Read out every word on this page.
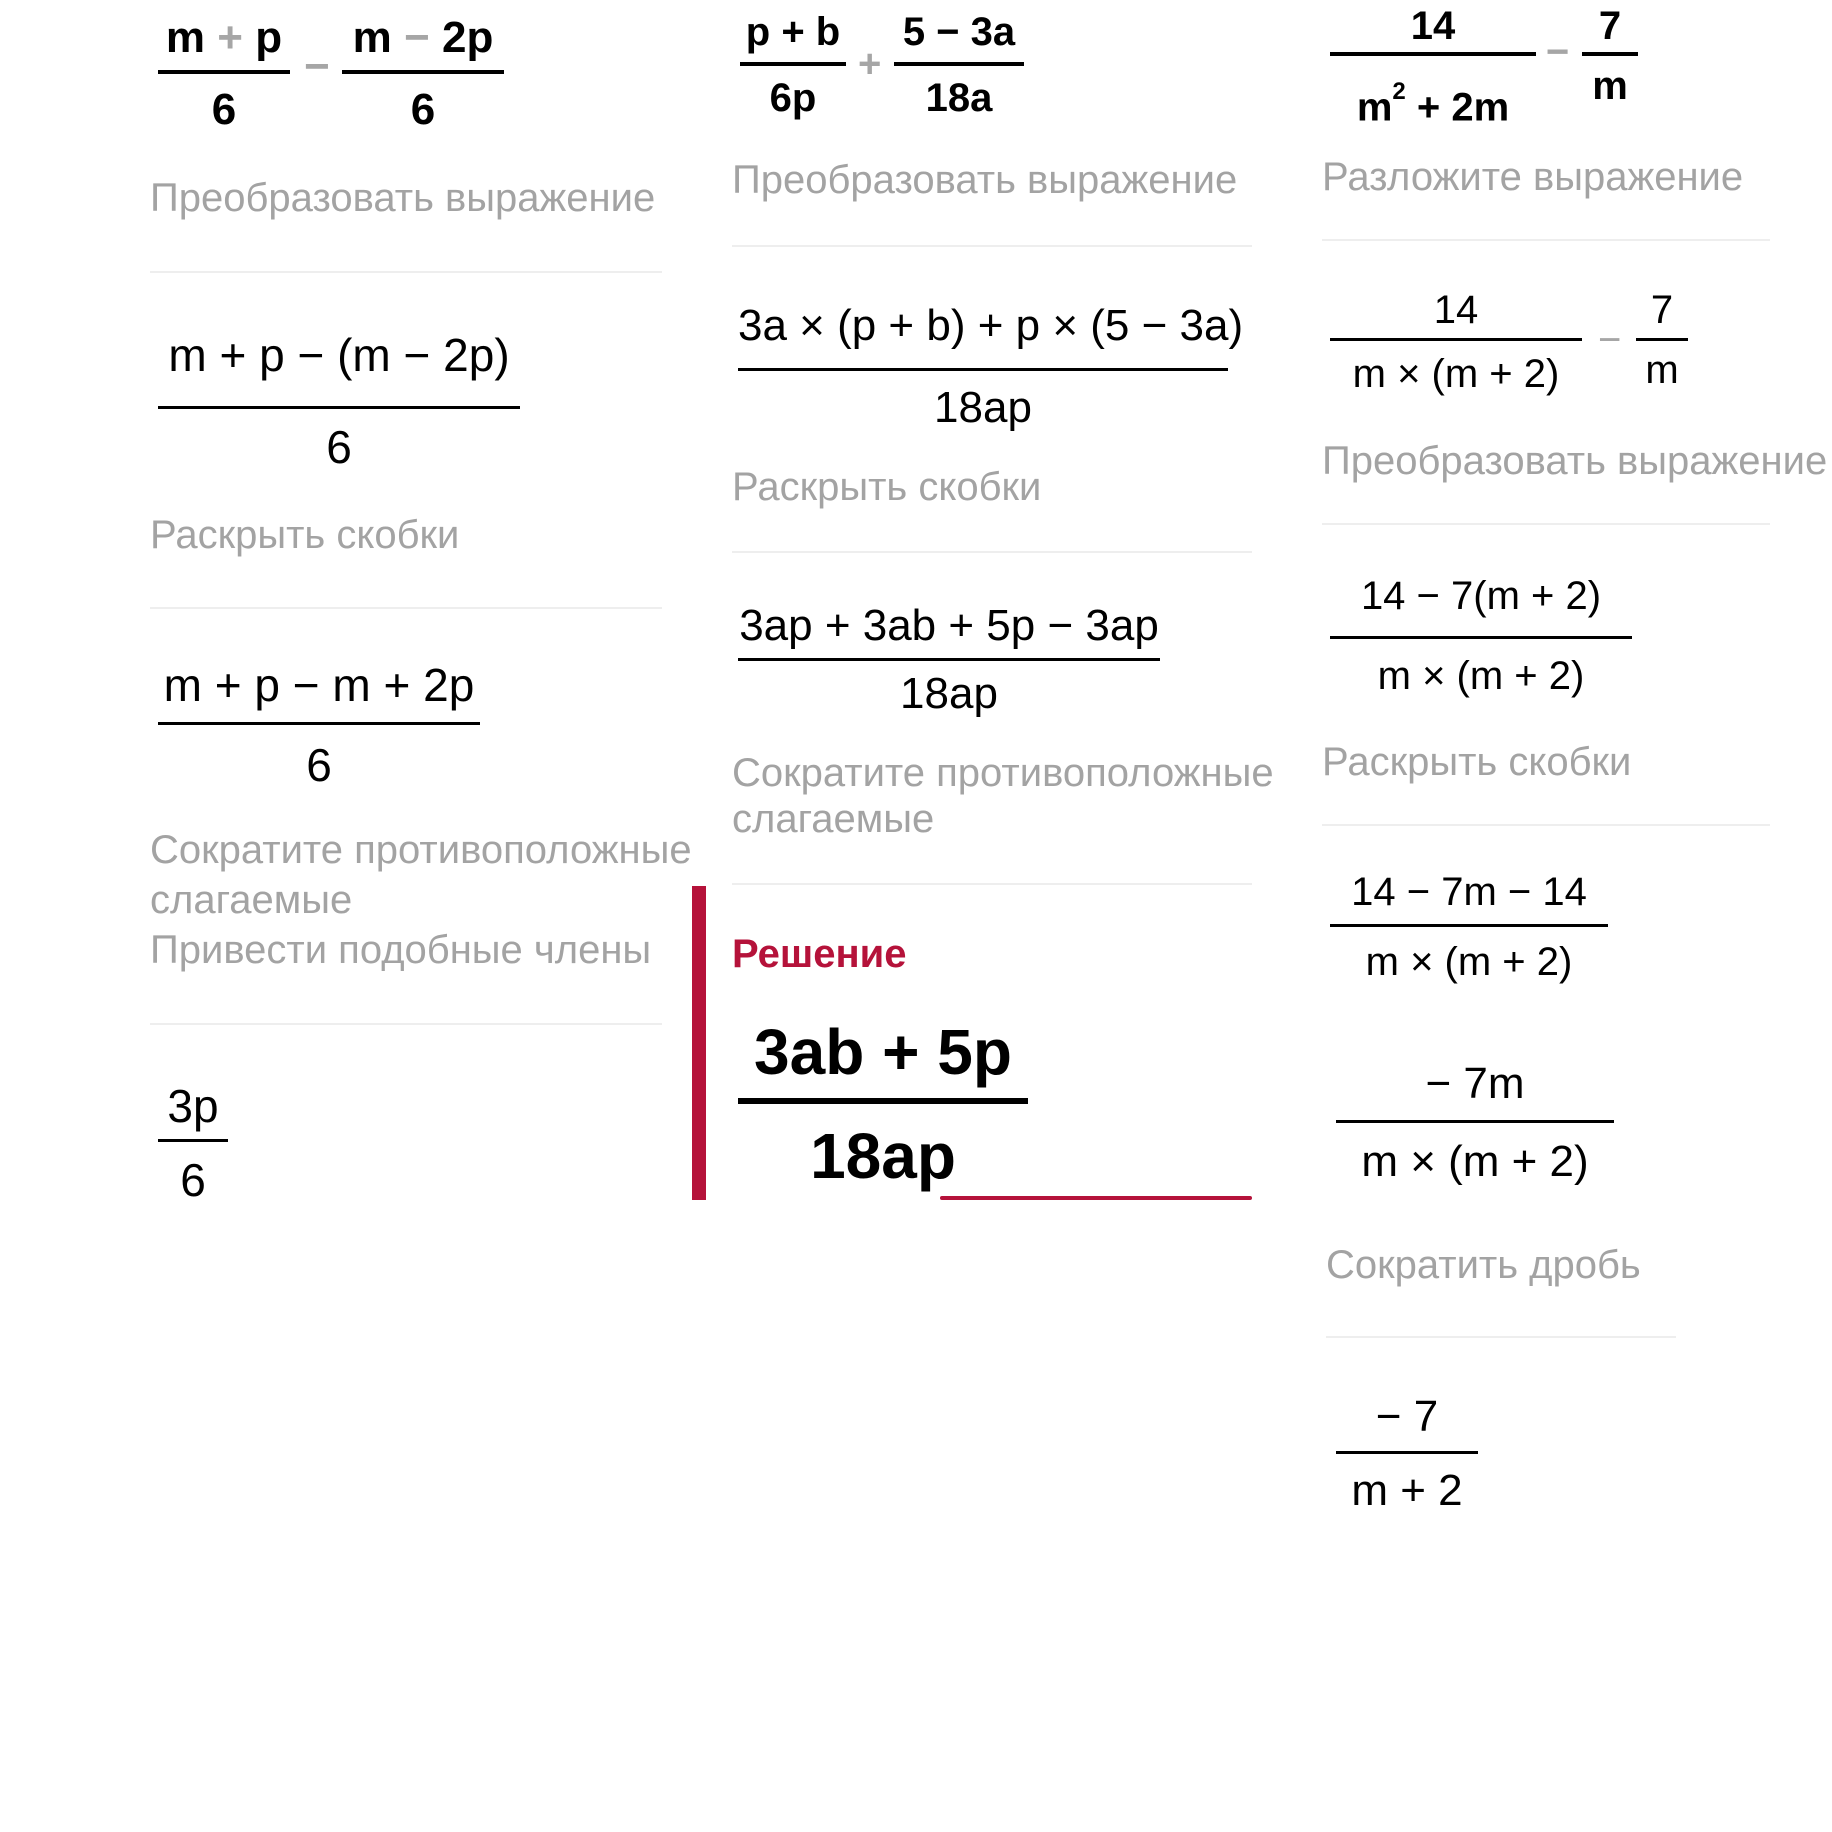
m + p
6
−
m − 2p
6
Преобразовать выражение
m + p − (m − 2p)
6
Раскрыть скобки
m + p − m + 2p
6
Сократите противоположные
слагаемые
Привести подобные члены
3p
6
p + b
6p
+
5 − 3a
18a
Преобразовать выражение
3a × (p + b) + p × (5 − 3a)
18ap
Раскрыть скобки
3ap + 3ab + 5p − 3ap
18ap
Сократите противоположные
слагаемые
Решение
3ab + 5p
18ap
14
$m^2 + 2m$
−
7
m
Разложите выражение
14
m × (m + 2)
−
7
m
Преобразовать выражение
14 − 7(m + 2)
m × (m + 2)
Раскрыть скобки
14 − 7m − 14
m × (m + 2)
− 7m
m × (m + 2)
Сократить дробь
− 7
m + 2
